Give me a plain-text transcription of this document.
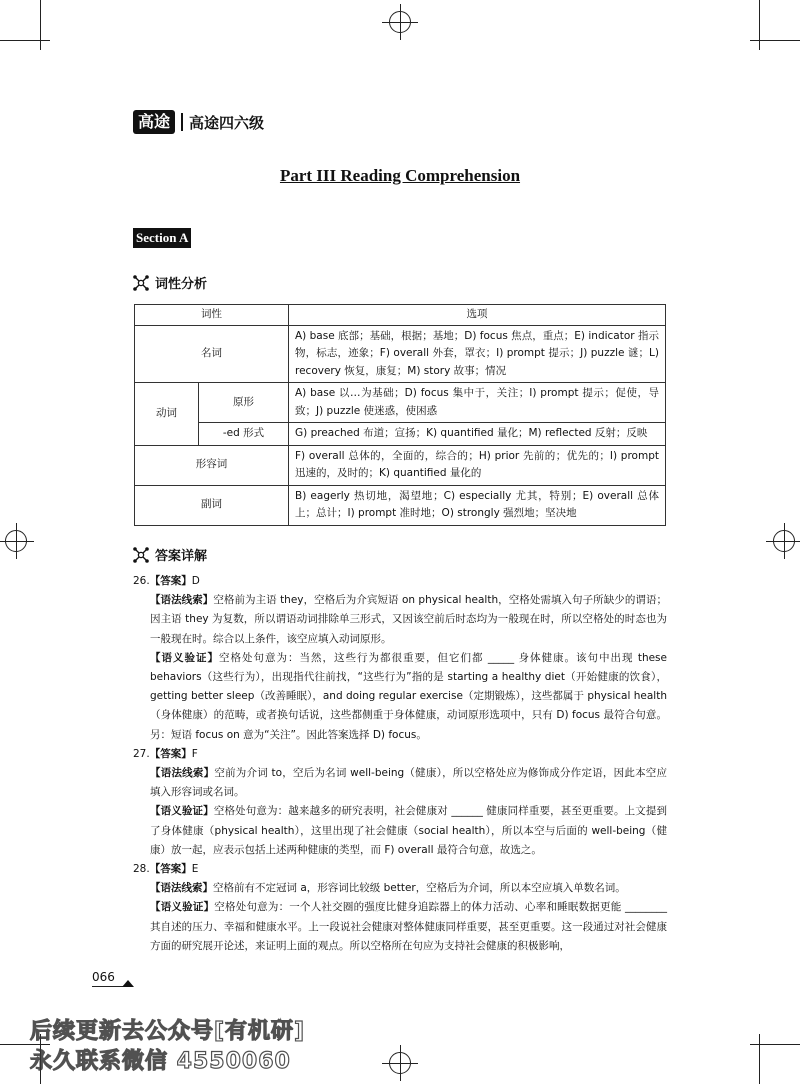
高途	高途四六级
Part III Reading Comprehension
Section A
词性分析
词性		选项
名词		A) base 底部；基础，根据；基地；D) focus 焦点，重点；E) indicator 指示物，标志，迹象；F) overall 外套，罩衣；I) prompt 提示；J) puzzle 谜；L) recovery 恢复，康复；M) story 故事；情况
动词	原形	A) base 以…为基础；D) focus 集中于，关注；I) prompt 提示；促使，导致；J) puzzle 使迷惑，使困惑
	-ed 形式	G) preached 布道；宣扬；K) quantified 量化；M) reflected 反射；反映
形容词		F) overall 总体的，全面的，综合的；H) prior 先前的；优先的；I) prompt 迅速的，及时的；K) quantified 量化的
副词		B) eagerly 热切地，渴望地；C) especially 尤其，特别；E) overall 总体上；总计；I) prompt 准时地；O) strongly 强烈地；坚决地
答案详解
26.【答案】D
【语法线索】空格前为主语 they，空格后为介宾短语 on physical health，空格处需填入句子所缺少的谓语；因主语 they 为复数，所以谓语动词排除单三形式，又因该空前后时态均为一般现在时，所以空格处的时态也为一般现在时。综合以上条件，该空应填入动词原形。
【语义验证】空格处句意为：当然，这些行为都很重要，但它们都 _____ 身体健康。该句中出现 these behaviors（这些行为），出现指代往前找，“这些行为”指的是 starting a healthy diet（开始健康的饮食），getting better sleep（改善睡眠），and doing regular exercise（定期锻炼），这些都属于 physical health（身体健康）的范畴，或者换句话说，这些都侧重于身体健康，动词原形选项中，只有 D) focus 最符合句意。另：短语 focus on 意为“关注”。因此答案选择 D) focus。
27.【答案】F
【语法线索】空前为介词 to，空后为名词 well-being（健康），所以空格处应为修饰成分作定语，因此本空应填入形容词或名词。
【语义验证】空格处句意为：越来越多的研究表明，社会健康对 ______ 健康同样重要，甚至更重要。上文提到了身体健康（physical health），这里出现了社会健康（social health），所以本空与后面的 well-being（健康）放一起，应表示包括上述两种健康的类型，而 F) overall 最符合句意，故选之。
28.【答案】E
【语法线索】空格前有不定冠词 a，形容词比较级 better，空格后为介词，所以本空应填入单数名词。
【语义验证】空格处句意为：一个人社交圈的强度比健身追踪器上的体力活动、心率和睡眠数据更能 ________ 其自述的压力、幸福和健康水平。上一段说社会健康对整体健康同样重要，甚至更重要。这一段通过对社会健康方面的研究展开论述，来证明上面的观点。所以空格所在句应为支持社会健康的积极影响，
066
后续更新去公众号[有机研]
永久联系微信 4550060
